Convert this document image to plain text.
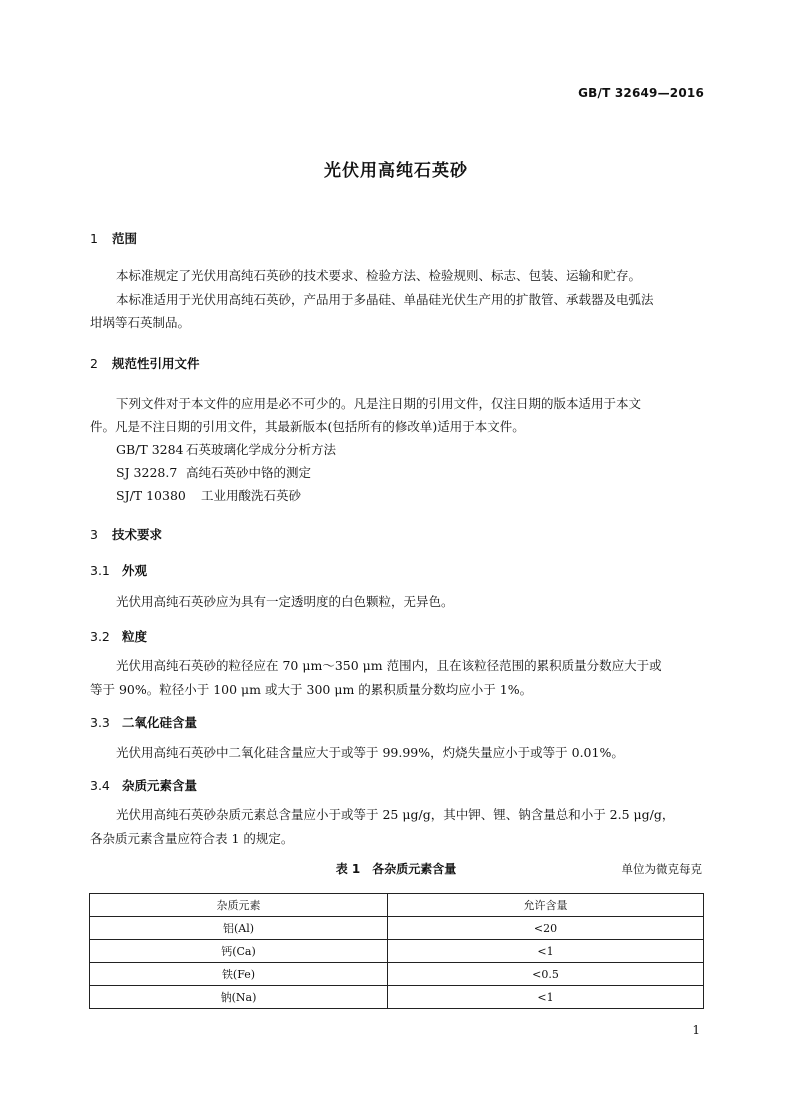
GB/T 32649—2016
光伏用高纯石英砂
1 范围
本标准规定了光伏用高纯石英砂的技术要求、检验方法、检验规则、标志、包装、运输和贮存。
本标准适用于光伏用高纯石英砂，产品用于多晶硅、单晶硅光伏生产用的扩散管、承载器及电弧法
坩埚等石英制品。
2 规范性引用文件
下列文件对于本文件的应用是必不可少的。凡是注日期的引用文件，仅注日期的版本适用于本文
件。凡是不注日期的引用文件，其最新版本(包括所有的修改单)适用于本文件。
GB/T 3284 石英玻璃化学成分分析方法
SJ 3228.7 高纯石英砂中铬的测定
SJ/T 10380 工业用酸洗石英砂
3 技术要求
3.1 外观
光伏用高纯石英砂应为具有一定透明度的白色颗粒，无异色。
3.2 粒度
光伏用高纯石英砂的粒径应在 70 μm～350 μm 范围内，且在该粒径范围的累积质量分数应大于或
等于 90%。粒径小于 100 μm 或大于 300 μm 的累积质量分数均应小于 1%。
3.3 二氧化硅含量
光伏用高纯石英砂中二氧化硅含量应大于或等于 99.99%，灼烧失量应小于或等于 0.01%。
3.4 杂质元素含量
光伏用高纯石英砂杂质元素总含量应小于或等于 25 μg/g，其中钾、锂、钠含量总和小于 2.5 μg/g，
各杂质元素含量应符合表 1 的规定。
表 1　各杂质元素含量	单位为微克每克
杂质元素	允许含量
铝(Al)	<20
钙(Ca)	<1
铁(Fe)	<0.5
钠(Na)	<1
1
